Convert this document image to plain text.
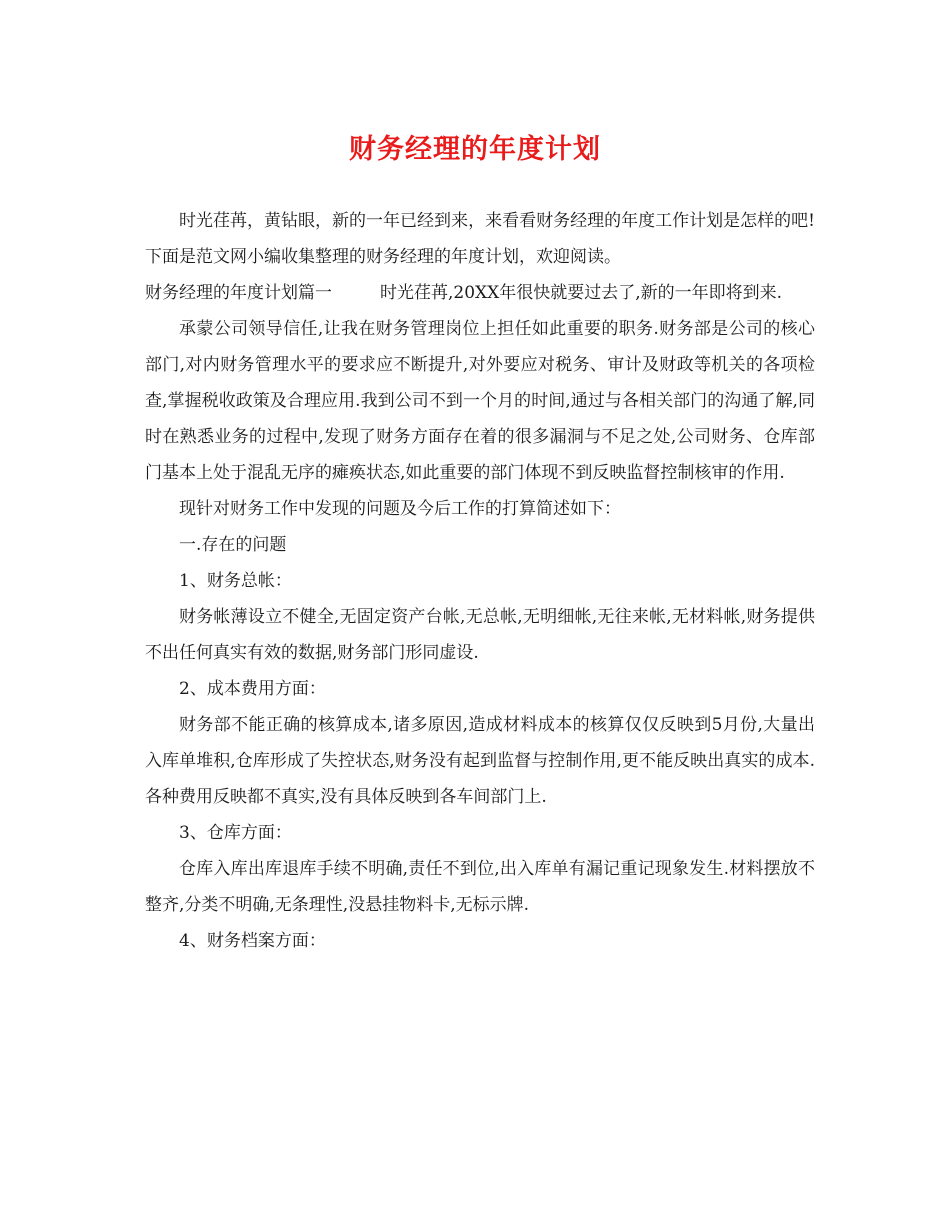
财务经理的年度计划

时光荏苒，黄钻眼，新的一年已经到来，来看看财务经理的年度工作计划是怎样的吧!下面是范文网小编收集整理的财务经理的年度计划，欢迎阅读。

财务经理的年度计划篇一	时光荏苒,20XX年很快就要过去了,新的一年即将到来.

承蒙公司领导信任,让我在财务管理岗位上担任如此重要的职务.财务部是公司的核心部门,对内财务管理水平的要求应不断提升,对外要应对税务、审计及财政等机关的各项检查,掌握税收政策及合理应用.我到公司不到一个月的时间,通过与各相关部门的沟通了解,同时在熟悉业务的过程中,发现了财务方面存在着的很多漏洞与不足之处,公司财务、仓库部门基本上处于混乱无序的瘫痪状态,如此重要的部门体现不到反映监督控制核审的作用.

现针对财务工作中发现的问题及今后工作的打算简述如下：

一.存在的问题

1、财务总帐：

财务帐薄设立不健全,无固定资产台帐,无总帐,无明细帐,无往来帐,无材料帐,财务提供不出任何真实有效的数据,财务部门形同虚设.

2、成本费用方面：

财务部不能正确的核算成本,诸多原因,造成材料成本的核算仅仅反映到5月份,大量出入库单堆积,仓库形成了失控状态,财务没有起到监督与控制作用,更不能反映出真实的成本.各种费用反映都不真实,没有具体反映到各车间部门上.

3、仓库方面：

仓库入库出库退库手续不明确,责任不到位,出入库单有漏记重记现象发生.材料摆放不整齐,分类不明确,无条理性,没悬挂物料卡,无标示牌.

4、财务档案方面：
